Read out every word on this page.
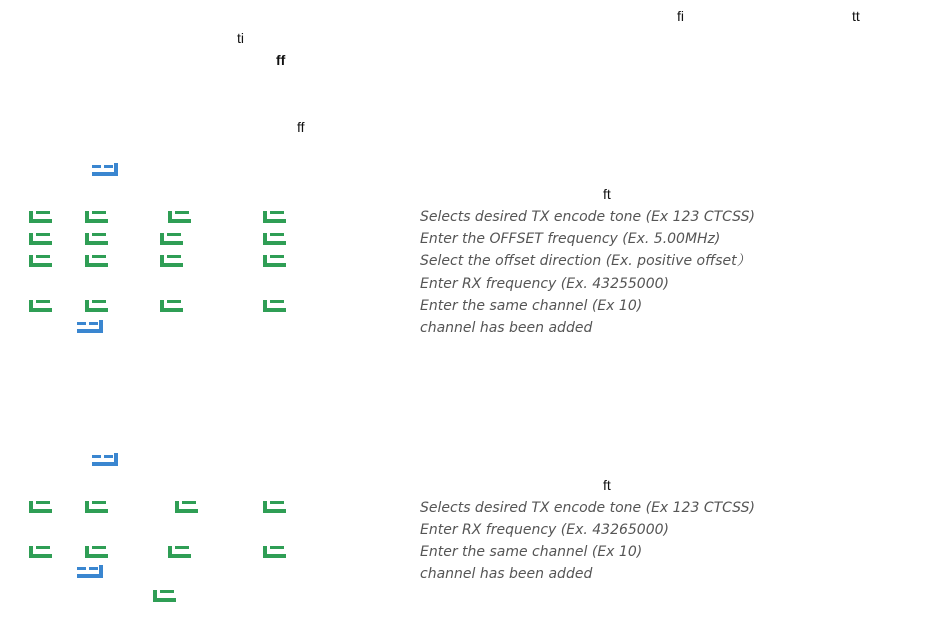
fi	tt
ti
ff
ff
ft
ft
Selects desired TX encode tone (Ex 123 CTCSS)
Enter the OFFSET frequency (Ex. 5.00MHz)
Select the offset direction (Ex. positive offset）
Enter RX frequency (Ex. 43255000)
Enter the same channel (Ex 10)
channel has been added
Selects desired TX encode tone (Ex 123 CTCSS)
Enter RX frequency (Ex. 43265000)
Enter the same channel (Ex 10)
channel has been added
